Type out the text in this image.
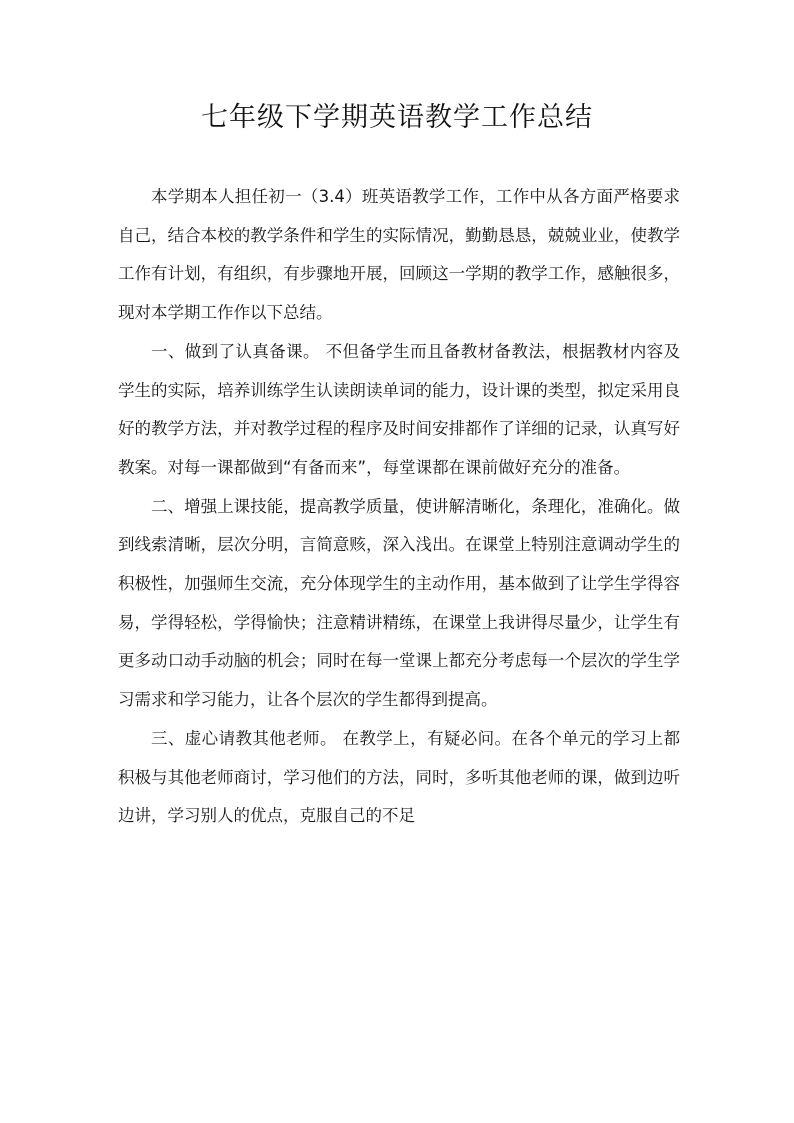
七年级下学期英语教学工作总结

本学期本人担任初一（3.4）班英语教学工作，工作中从各方面严格要求自己，结合本校的教学条件和学生的实际情况，勤勤恳恳，兢兢业业，使教学工作有计划，有组织，有步骤地开展，回顾这一学期的教学工作，感触很多，现对本学期工作作以下总结。

一、做到了认真备课。 不但备学生而且备教材备教法，根据教材内容及学生的实际，培养训练学生认读朗读单词的能力，设计课的类型，拟定采用良好的教学方法，并对教学过程的程序及时间安排都作了详细的记录，认真写好教案。对每一课都做到“有备而来”，每堂课都在课前做好充分的准备。

二、增强上课技能，提高教学质量，使讲解清晰化，条理化，准确化。做到线索清晰，层次分明，言简意赅，深入浅出。在课堂上特别注意调动学生的积极性，加强师生交流，充分体现学生的主动作用，基本做到了让学生学得容易，学得轻松，学得愉快；注意精讲精练，在课堂上我讲得尽量少，让学生有更多动口动手动脑的机会；同时在每一堂课上都充分考虑每一个层次的学生学习需求和学习能力，让各个层次的学生都得到提高。

三、虚心请教其他老师。 在教学上，有疑必问。在各个单元的学习上都积极与其他老师商讨，学习他们的方法，同时，多听其他老师的课，做到边听边讲，学习别人的优点，克服自己的不足
